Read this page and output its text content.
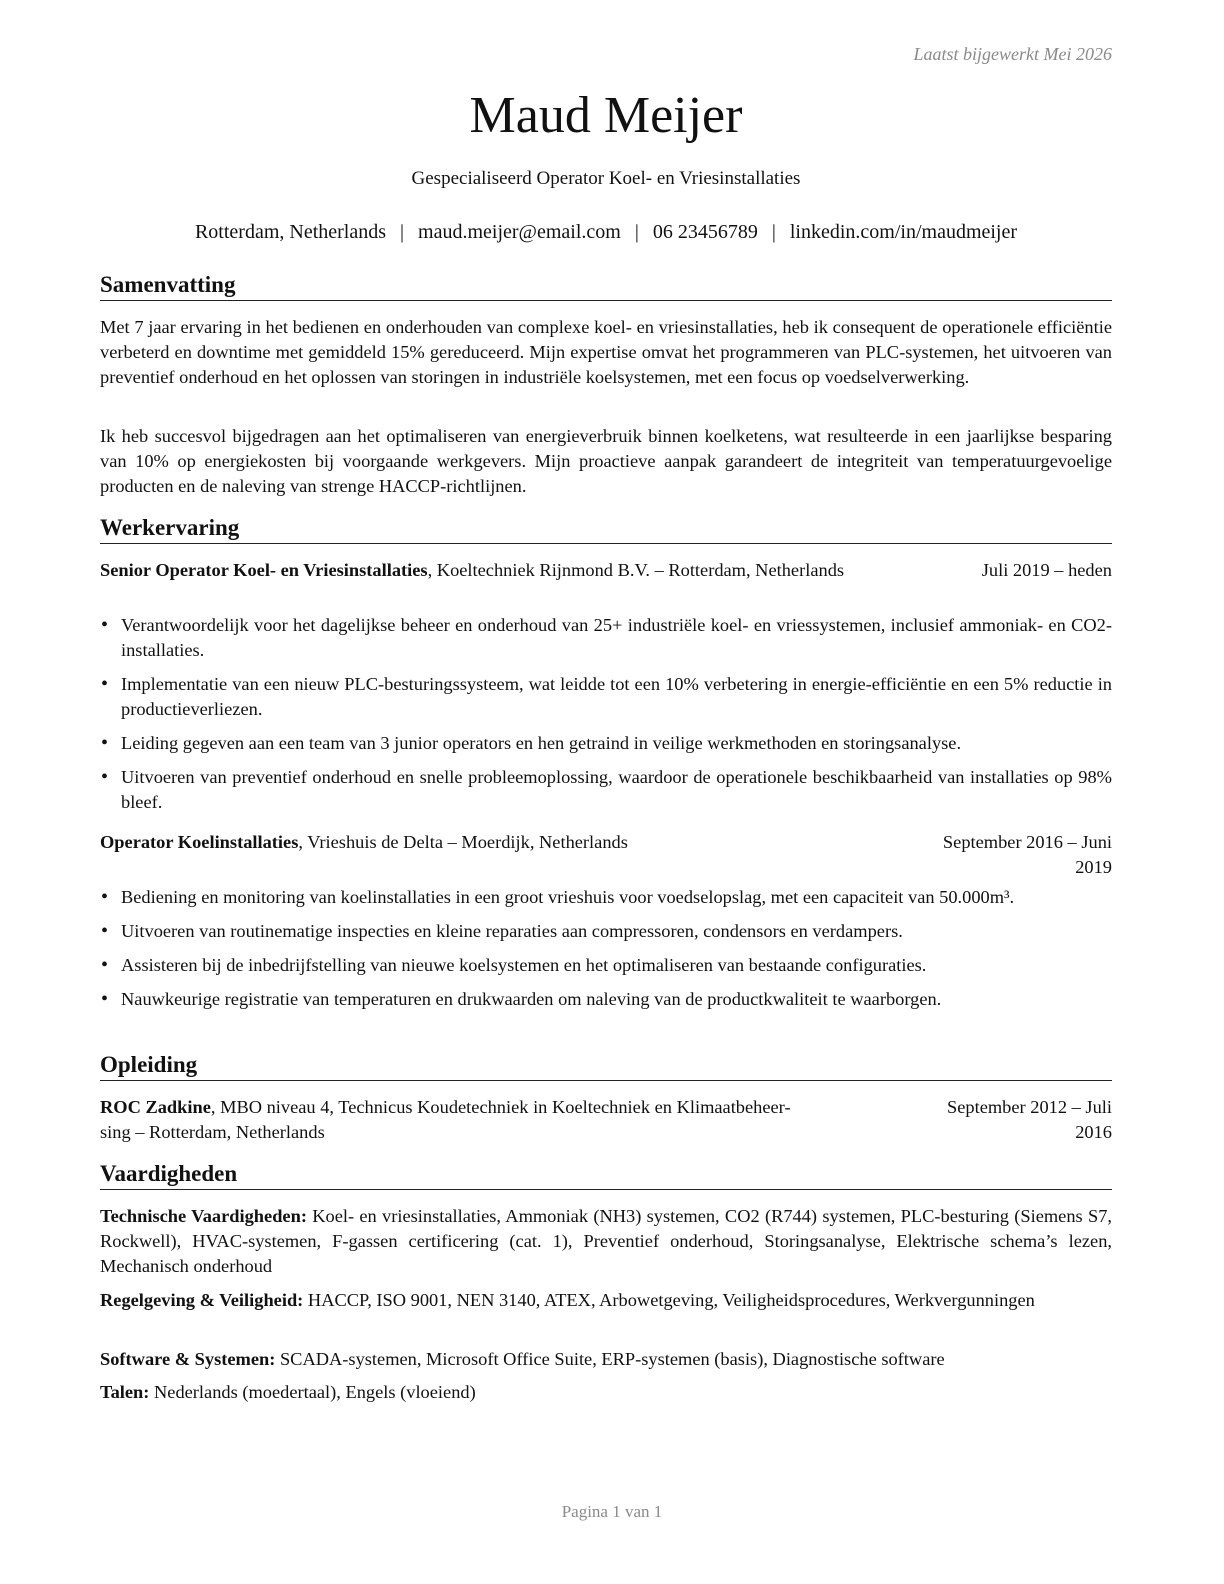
Laatst bijgewerkt Mei 2026
Maud Meijer
Gespecialiseerd Operator Koel- en Vriesinstallaties
Rotterdam, Netherlands | maud.meijer@email.com | 06 23456789 | linkedin.com/in/maudmeijer
Samenvatting
Met 7 jaar ervaring in het bedienen en onderhouden van complexe koel- en vriesinstallaties, heb ik consequent de operationele efficiëntie verbeterd en downtime met gemiddeld 15% gereduceerd. Mijn expertise omvat het programmeren van PLC-systemen, het uitvoeren van preventief onderhoud en het oplossen van storingen in industriële koelsystemen, met een focus op voedselverwerking.
Ik heb succesvol bijgedragen aan het optimaliseren van energieverbruik binnen koelketens, wat resulteerde in een jaarlijkse besparing van 10% op energiekosten bij voorgaande werkgevers. Mijn proactieve aanpak garandeert de integriteit van temperatuurgevoelige producten en de naleving van strenge HACCP-richtlijnen.
Werkervaring
Senior Operator Koel- en Vriesinstallaties, Koeltechniek Rijnmond B.V. – Rotterdam, Netherlands	Juli 2019 – heden
• Verantwoordelijk voor het dagelijkse beheer en onderhoud van 25+ industriële koel- en vriessystemen, inclusief ammoniak- en CO2-installaties.
• Implementatie van een nieuw PLC-besturingssysteem, wat leidde tot een 10% verbetering in energie-efficiëntie en een 5% reductie in productieverliezen.
• Leiding gegeven aan een team van 3 junior operators en hen getraind in veilige werkmethoden en storingsanalyse.
• Uitvoeren van preventief onderhoud en snelle probleemoplossing, waardoor de operationele beschikbaarheid van installaties op 98% bleef.
Operator Koelinstallaties, Vrieshuis de Delta – Moerdijk, Netherlands	September 2016 – Juni
2019
• Bediening en monitoring van koelinstallaties in een groot vrieshuis voor voedselopslag, met een capaciteit van 50.000m³.
• Uitvoeren van routinematige inspecties en kleine reparaties aan compressoren, condensors en verdampers.
• Assisteren bij de inbedrijfstelling van nieuwe koelsystemen en het optimaliseren van bestaande configuraties.
• Nauwkeurige registratie van temperaturen en drukwaarden om naleving van de productkwaliteit te waarborgen.
Opleiding
ROC Zadkine, MBO niveau 4, Technicus Koudetechniek in Koeltechniek en Klimaatbeheer-
sing – Rotterdam, Netherlands
September 2012 – Juli
2016
Vaardigheden
Technische Vaardigheden: Koel- en vriesinstallaties, Ammoniak (NH3) systemen, CO2 (R744) systemen, PLC-besturing (Siemens S7, Rockwell), HVAC-systemen, F-gassen certificering (cat. 1), Preventief onderhoud, Storingsanalyse, Elektrische schema’s lezen, Mechanisch onderhoud
Regelgeving & Veiligheid: HACCP, ISO 9001, NEN 3140, ATEX, Arbowetgeving, Veiligheidsprocedures, Werkvergunningen
Software & Systemen: SCADA-systemen, Microsoft Office Suite, ERP-systemen (basis), Diagnostische software
Talen: Nederlands (moedertaal), Engels (vloeiend)
Pagina 1 van 1
